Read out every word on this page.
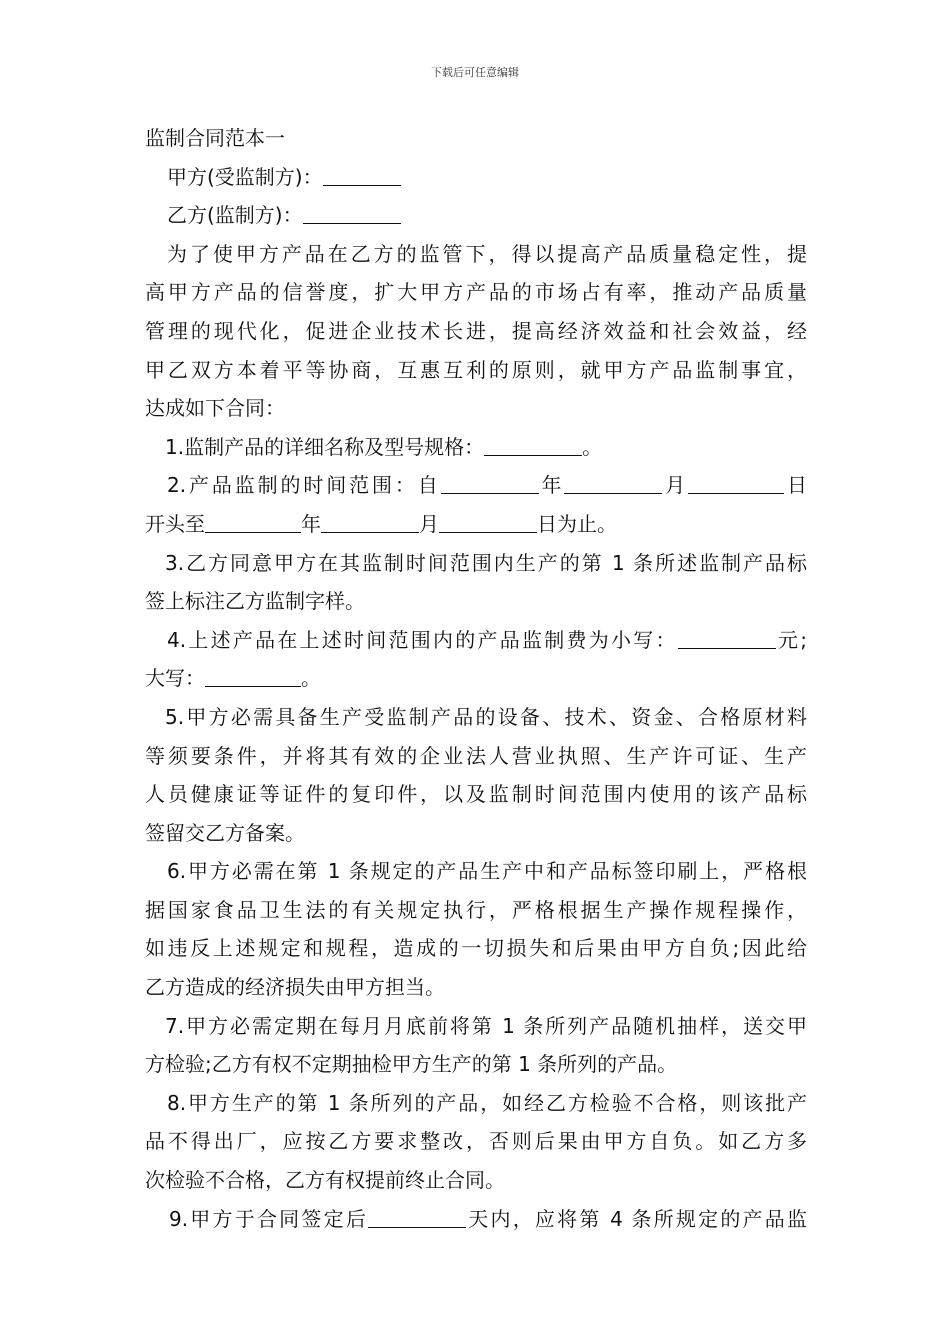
下载后可任意编辑
监制合同范本一
甲方(受监制方)：
乙方(监制方)：
为了使甲方产品在乙方的监管下，得以提高产品质量稳定性，提
高甲方产品的信誉度，扩大甲方产品的市场占有率，推动产品质量
管理的现代化，促进企业技术长进，提高经济效益和社会效益，经
甲乙双方本着平等协商，互惠互利的原则，就甲方产品监制事宜，
达成如下合同：
1.监制产品的详细名称及型号规格：	。
2.产品监制的时间范围：自	年	月	日
开头至	年	月	日为止。
3.乙方同意甲方在其监制时间范围内生产的第 1 条所述监制产品标
签上标注乙方监制字样。
4.上述产品在上述时间范围内的产品监制费为小写：	元;
大写：	。
5.甲方必需具备生产受监制产品的设备、技术、资金、合格原材料
等须要条件，并将其有效的企业法人营业执照、生产许可证、生产
人员健康证等证件的复印件，以及监制时间范围内使用的该产品标
签留交乙方备案。
6.甲方必需在第 1 条规定的产品生产中和产品标签印刷上，严格根
据国家食品卫生法的有关规定执行，严格根据生产操作规程操作，
如违反上述规定和规程，造成的一切损失和后果由甲方自负;因此给
乙方造成的经济损失由甲方担当。
7.甲方必需定期在每月月底前将第 1 条所列产品随机抽样，送交甲
方检验;乙方有权不定期抽检甲方生产的第 1 条所列的产品。
8.甲方生产的第 1 条所列的产品，如经乙方检验不合格，则该批产
品不得出厂，应按乙方要求整改，否则后果由甲方自负。如乙方多
次检验不合格，乙方有权提前终止合同。
9.甲方于合同签定后	天内，应将第 4 条所规定的产品监
